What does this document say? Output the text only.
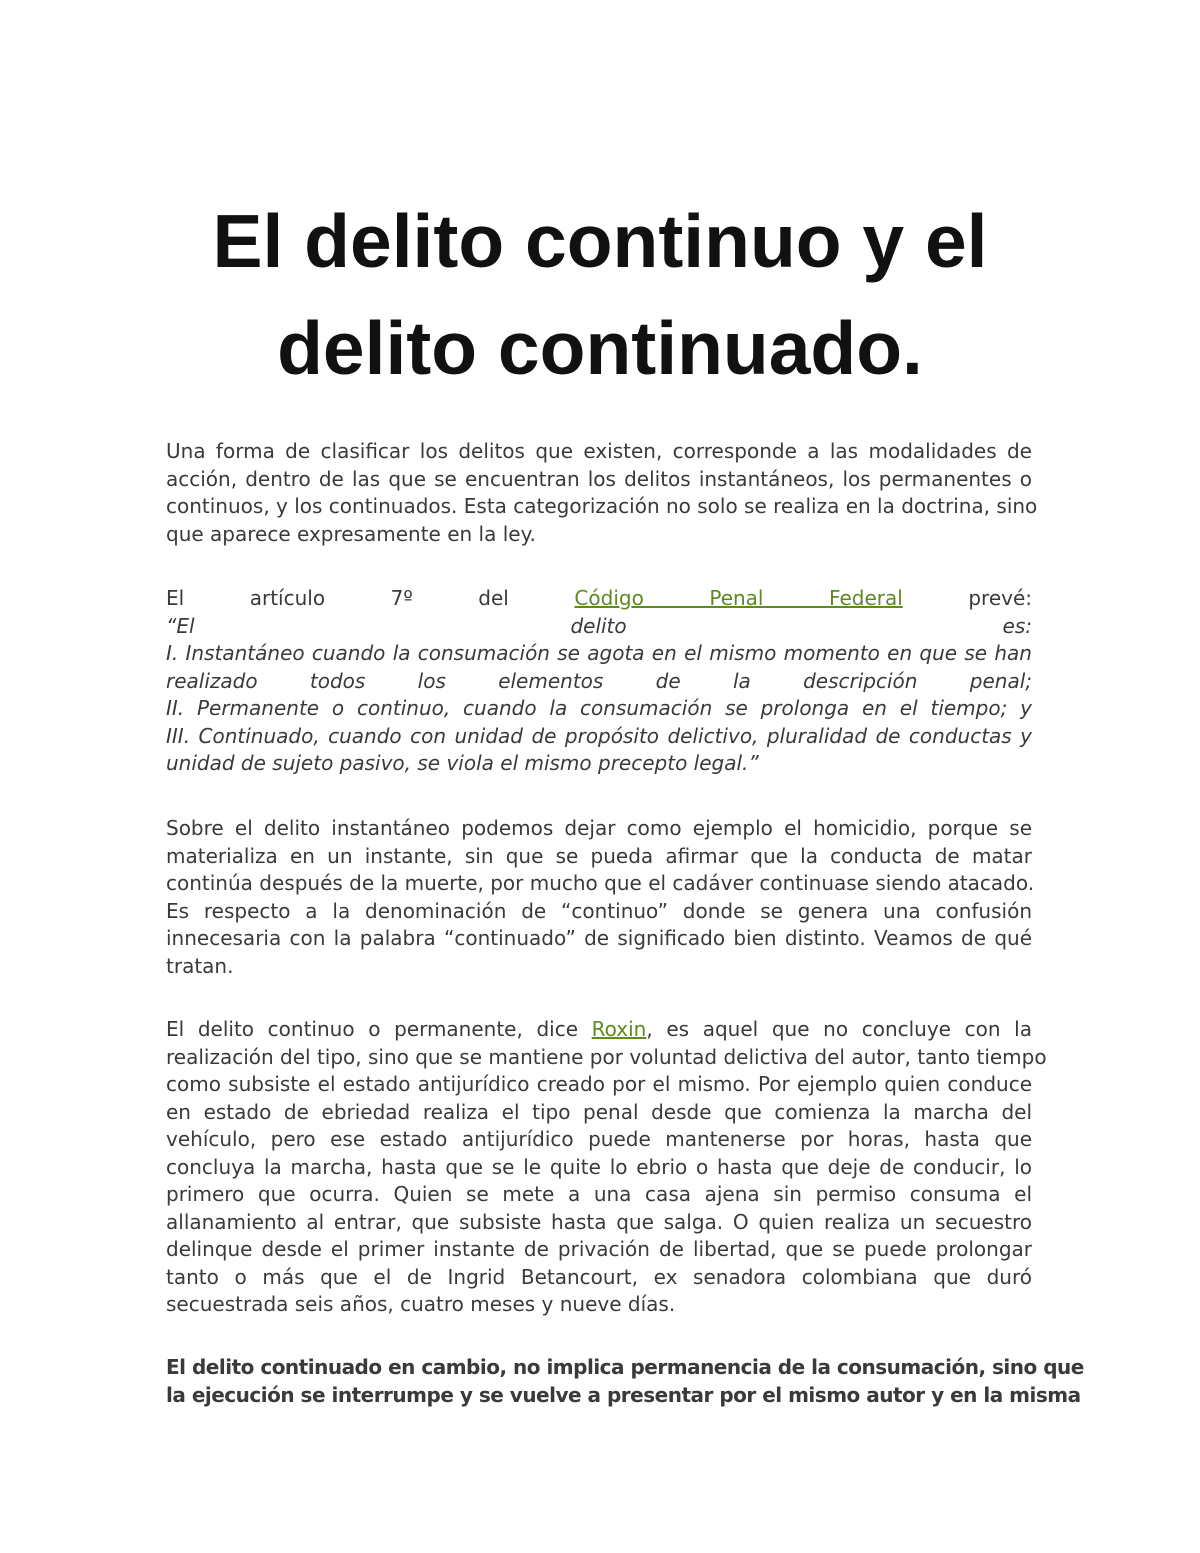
El delito continuo y el
delito continuado.
Una forma de clasificar los delitos que existen, corresponde a las modalidades de
acción, dentro de las que se encuentran los delitos instantáneos, los permanentes o
continuos, y los continuados. Esta categorización no solo se realiza en la doctrina, sino
que aparece expresamente en la ley.
El artículo 7º del	Código Penal Federal	prevé:
“El delito es:
I. Instantáneo cuando la consumación se agota en el mismo momento en que se han
realizado todos los elementos de la descripción penal;
II. Permanente o continuo, cuando la consumación se prolonga en el tiempo; y
III. Continuado, cuando con unidad de propósito delictivo, pluralidad de conductas y
unidad de sujeto pasivo, se viola el mismo precepto legal.”
Sobre el delito instantáneo podemos dejar como ejemplo el homicidio, porque se
materializa en un instante, sin que se pueda afirmar que la conducta de matar
continúa después de la muerte, por mucho que el cadáver continuase siendo atacado.
Es respecto a la denominación de “continuo” donde se genera una confusión
innecesaria con la palabra “continuado” de significado bien distinto. Veamos de qué
tratan.
El delito continuo o permanente, dice Roxin, es aquel que no concluye con la
realización del tipo, sino que se mantiene por voluntad delictiva del autor, tanto tiempo
como subsiste el estado antijurídico creado por el mismo. Por ejemplo quien conduce
en estado de ebriedad realiza el tipo penal desde que comienza la marcha del
vehículo, pero ese estado antijurídico puede mantenerse por horas, hasta que
concluya la marcha, hasta que se le quite lo ebrio o hasta que deje de conducir, lo
primero que ocurra. Quien se mete a una casa ajena sin permiso consuma el
allanamiento al entrar, que subsiste hasta que salga. O quien realiza un secuestro
delinque desde el primer instante de privación de libertad, que se puede prolongar
tanto o más que el de Ingrid Betancourt, ex senadora colombiana que duró
secuestrada seis años, cuatro meses y nueve días.
El delito continuado en cambio, no implica permanencia de la consumación, sino que
la ejecución se interrumpe y se vuelve a presentar por el mismo autor y en la misma
